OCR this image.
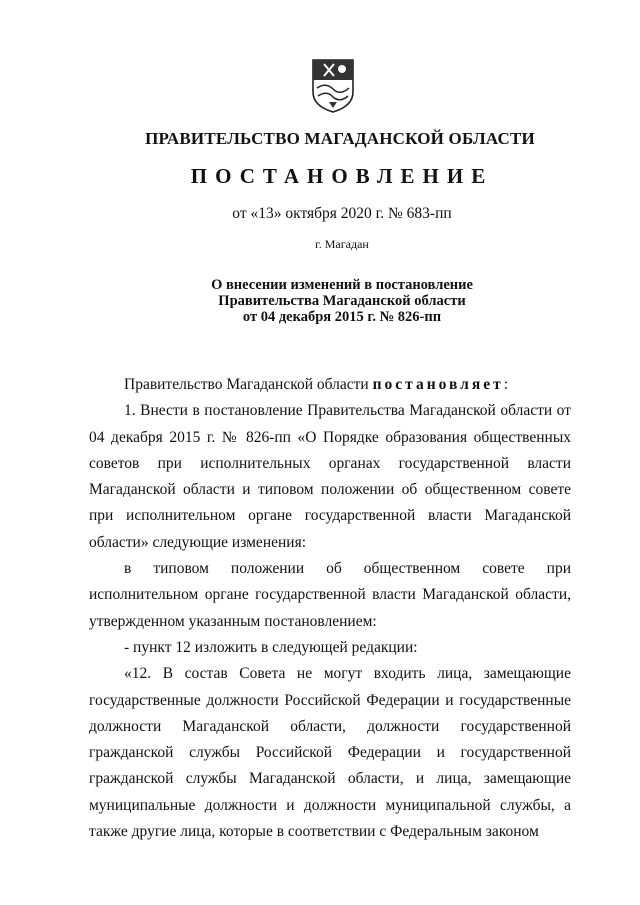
ПРАВИТЕЛЬСТВО МАГАДАНСКОЙ ОБЛАСТИ
ПОСТАНОВЛЕНИЕ
от «13» октября 2020 г. № 683-пп
г. Магадан
О внесении изменений в постановление
Правительства Магаданской области
от 04 декабря 2015 г. № 826-пп

Правительство Магаданской области постановляет:

1. Внести в постановление Правительства Магаданской области от 04 декабря 2015 г. № 826-пп «О Порядке образования общественных советов при исполнительных органах государственной власти Магаданской области и типовом положении об общественном совете при исполнительном органе государственной власти Магаданской области» следующие изменения:

в типовом положении об общественном совете при исполнительном органе государственной власти Магаданской области, утвержденном указанным постановлением:

- пункт 12 изложить в следующей редакции:

«12. В состав Совета не могут входить лица, замещающие государственные должности Российской Федерации и государственные должности Магаданской области, должности государственной гражданской службы Российской Федерации и государственной гражданской службы Магаданской области, и лица, замещающие муниципальные должности и должности муниципальной службы, а также другие лица, которые в соответствии с Федеральным законом
